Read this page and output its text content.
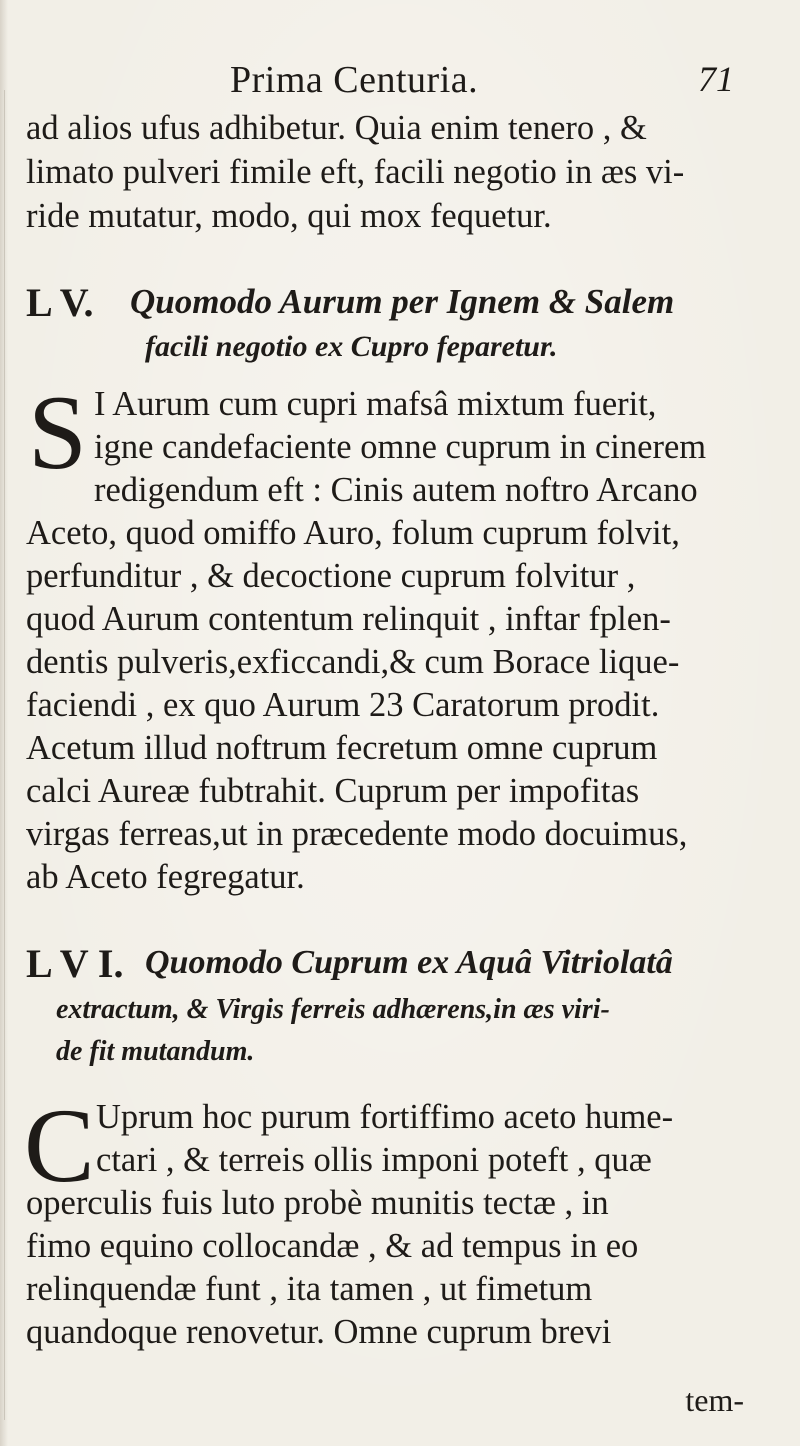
Prima Centuria.	71
ad alios ufus adhibetur. Quia enim tenero , &
limato pulveri fimile eft, facili negotio in æs vi-
ride mutatur, modo, qui mox fequetur.
L V. Quomodo Aurum per Ignem & Salem
facili negotio ex Cupro feparetur.
S I Aurum cum cupri mafsâ mixtum fuerit,
igne candefaciente omne cuprum in cinerem
redigendum eft : Cinis autem noftro Arcano
Aceto, quod omiffo Auro, folum cuprum folvit,
perfunditur , & decoctione cuprum folvitur ,
quod Aurum contentum relinquit , inftar fplen-
dentis pulveris,exficcandi,& cum Borace lique-
faciendi , ex quo Aurum 23 Caratorum prodit.
Acetum illud noftrum fecretum omne cuprum
calci Aureæ fubtrahit. Cuprum per impofitas
virgas ferreas,ut in præcedente modo docuimus,
ab Aceto fegregatur.
L V I. Quomodo Cuprum ex Aquâ Vitriolatâ
extractum, & Virgis ferreis adhærens,in æs viri-
de fit mutandum.
C Uprum hoc purum fortiffimo aceto hume-
ctari , & terreis ollis imponi poteft , quæ
operculis fuis luto probè munitis tectæ , in
fimo equino collocandæ , & ad tempus in eo
relinquendæ funt , ita tamen , ut fimetum
quandoque renovetur. Omne cuprum brevi
tem-
